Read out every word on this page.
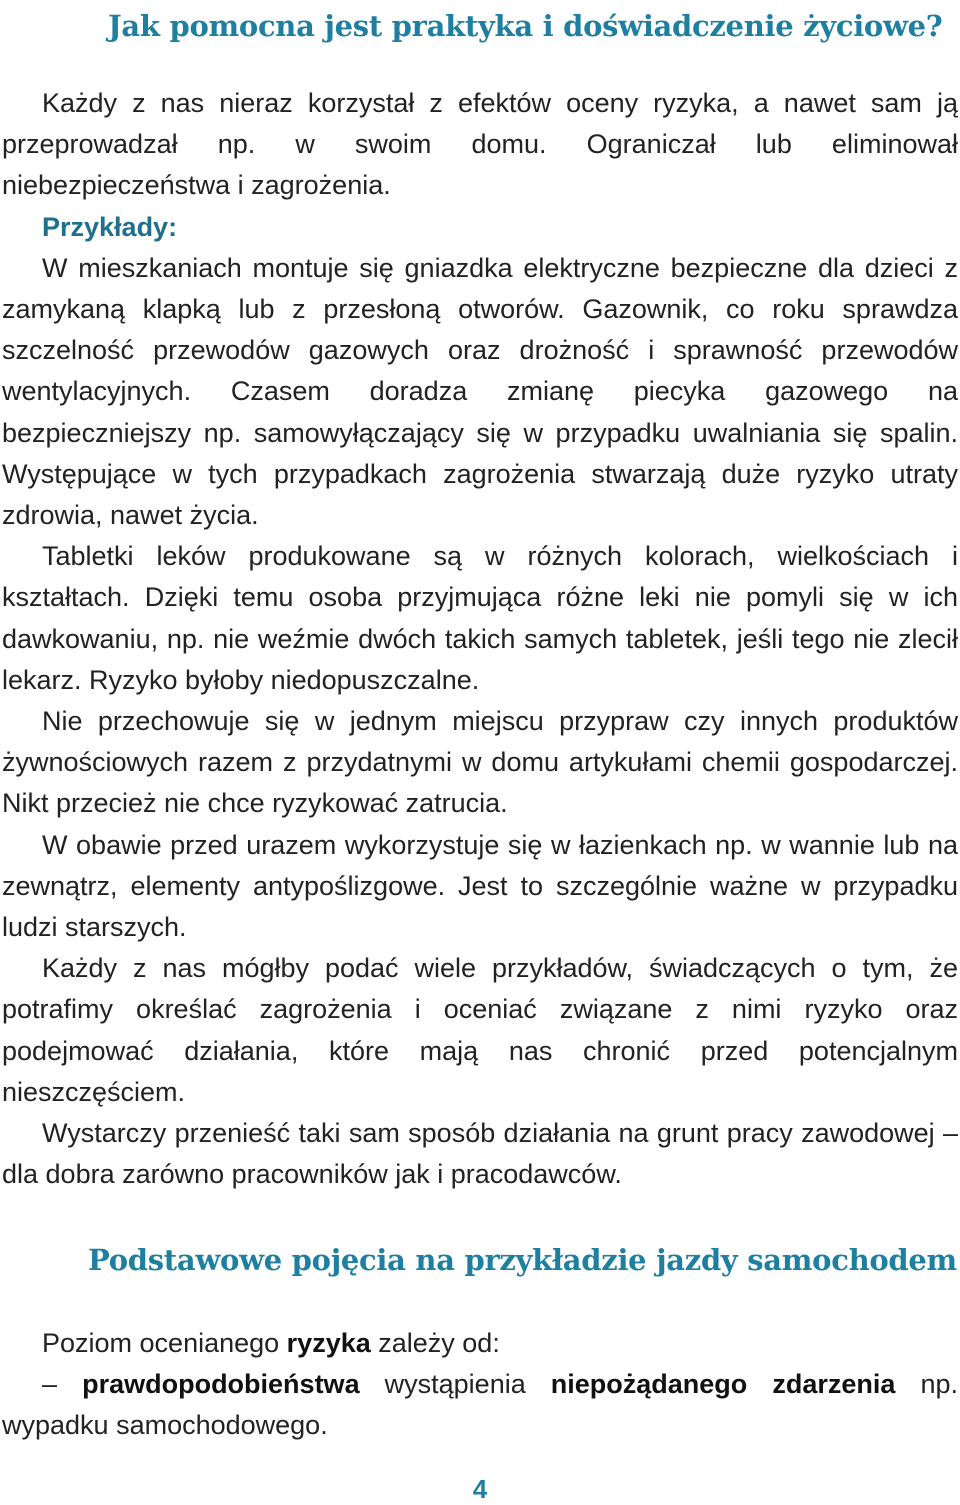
Jak pomocna jest praktyka i doświadczenie życiowe?

Każdy z nas nieraz korzystał z efektów oceny ryzyka, a nawet sam ją przeprowadzał np. w swoim domu. Ograniczał lub eliminował niebezpieczeństwa i zagrożenia.

Przykłady:

W mieszkaniach montuje się gniazdka elektryczne bezpieczne dla dzieci z zamykaną klapką lub z przesłoną otworów. Gazownik, co roku sprawdza szczelność przewodów gazowych oraz drożność i sprawność przewodów wentylacyjnych. Czasem doradza zmianę piecyka gazowego na bezpieczniejszy np. samowyłączający się w przypadku uwalniania się spalin. Występujące w tych przypadkach zagrożenia stwarzają duże ryzyko utraty zdrowia, nawet życia.

Tabletki leków produkowane są w różnych kolorach, wielkościach i kształtach. Dzięki temu osoba przyjmująca różne leki nie pomyli się w ich dawkowaniu, np. nie weźmie dwóch takich samych tabletek, jeśli tego nie zlecił lekarz. Ryzyko byłoby niedopuszczalne.

Nie przechowuje się w jednym miejscu przypraw czy innych produktów żywnościowych razem z przydatnymi w domu artykułami chemii gospodarczej. Nikt przecież nie chce ryzykować zatrucia.

W obawie przed urazem wykorzystuje się w łazienkach np. w wannie lub na zewnątrz, elementy antypoślizgowe. Jest to szczególnie ważne w przypadku ludzi starszych.

Każdy z nas mógłby podać wiele przykładów, świadczących o tym, że potrafimy określać zagrożenia i oceniać związane z nimi ryzyko oraz podejmować działania, które mają nas chronić przed potencjalnym nieszczęściem.

Wystarczy przenieść taki sam sposób działania na grunt pracy zawodowej – dla dobra zarówno pracowników jak i pracodawców.

Podstawowe pojęcia na przykładzie jazdy samochodem

Poziom ocenianego ryzyka zależy od:

– prawdopodobieństwa wystąpienia niepożądanego zdarzenia np. wypadku samochodowego.

4
